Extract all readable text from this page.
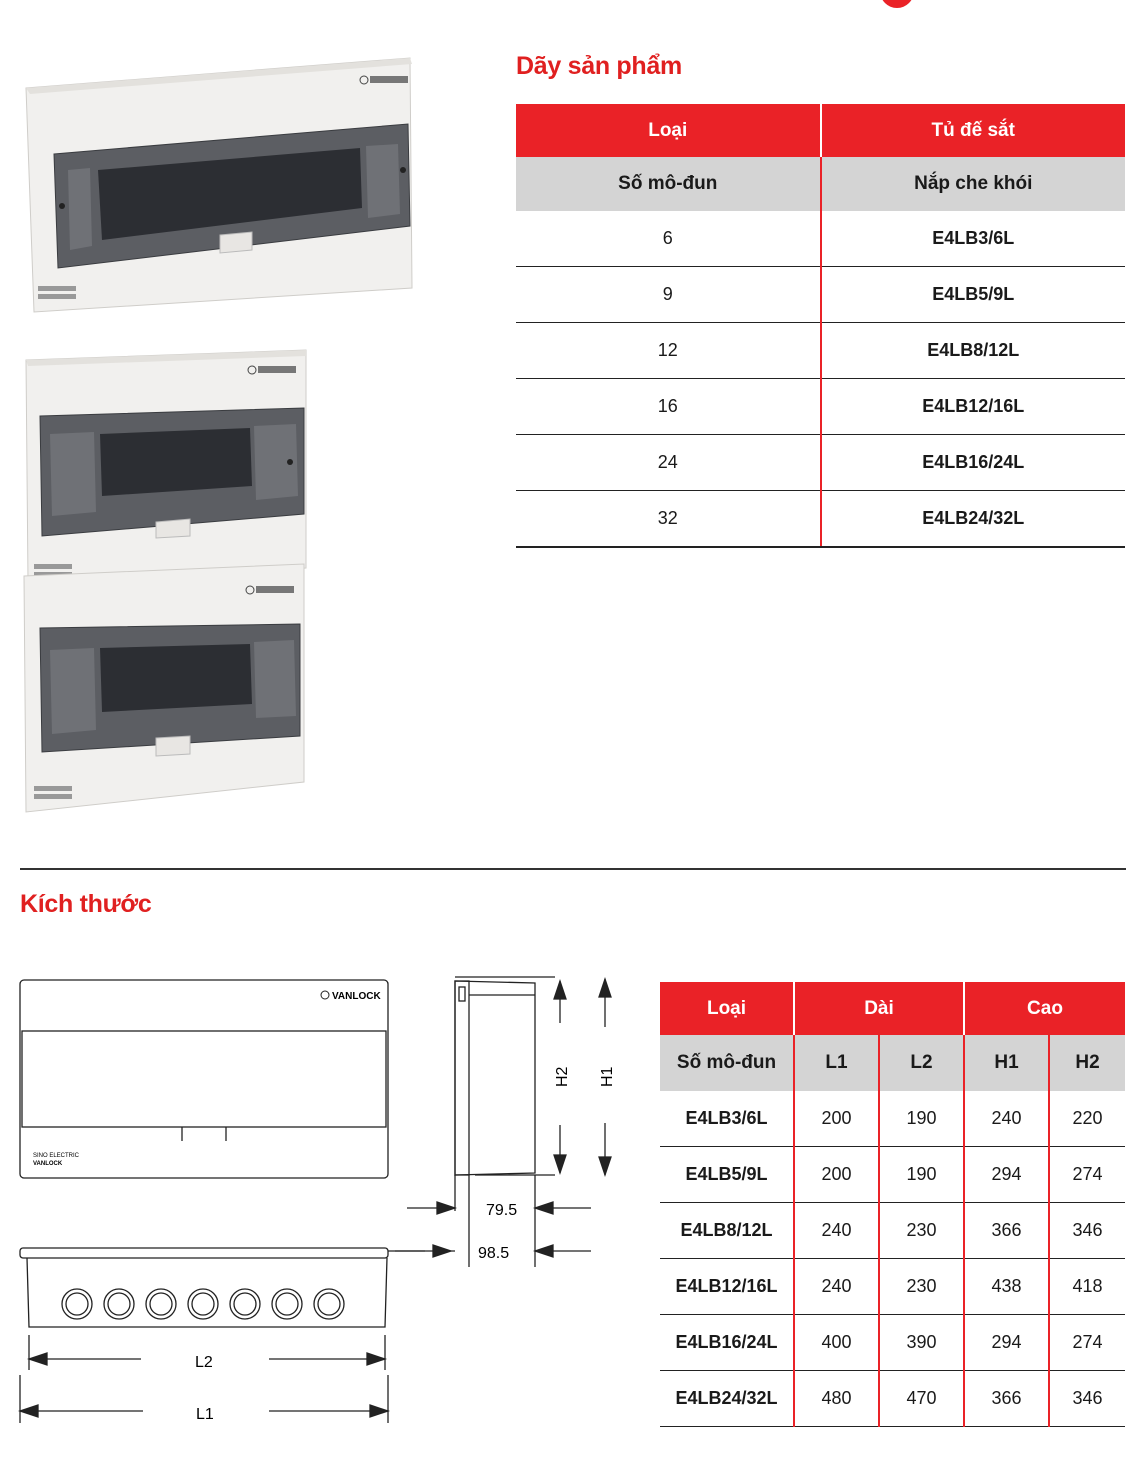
Dãy sản phẩm
Loại	Tủ đế sắt
Số mô-đun	Nắp che khói
6	E4LB3/6L
9	E4LB5/9L
12	E4LB8/12L
16	E4LB12/16L
24	E4LB16/24L
32	E4LB24/32L
Kích thước
VANLOCK
SINO ELECTRIC
VANLOCK
H2 H1
79.5
98.5
L2
L1
Loại	Dài		Cao	
Số mô-đun	L1	L2	H1	H2
E4LB3/6L	200	190	240	220
E4LB5/9L	200	190	294	274
E4LB8/12L	240	230	366	346
E4LB12/16L	240	230	438	418
E4LB16/24L	400	390	294	274
E4LB24/32L	480	470	366	346
